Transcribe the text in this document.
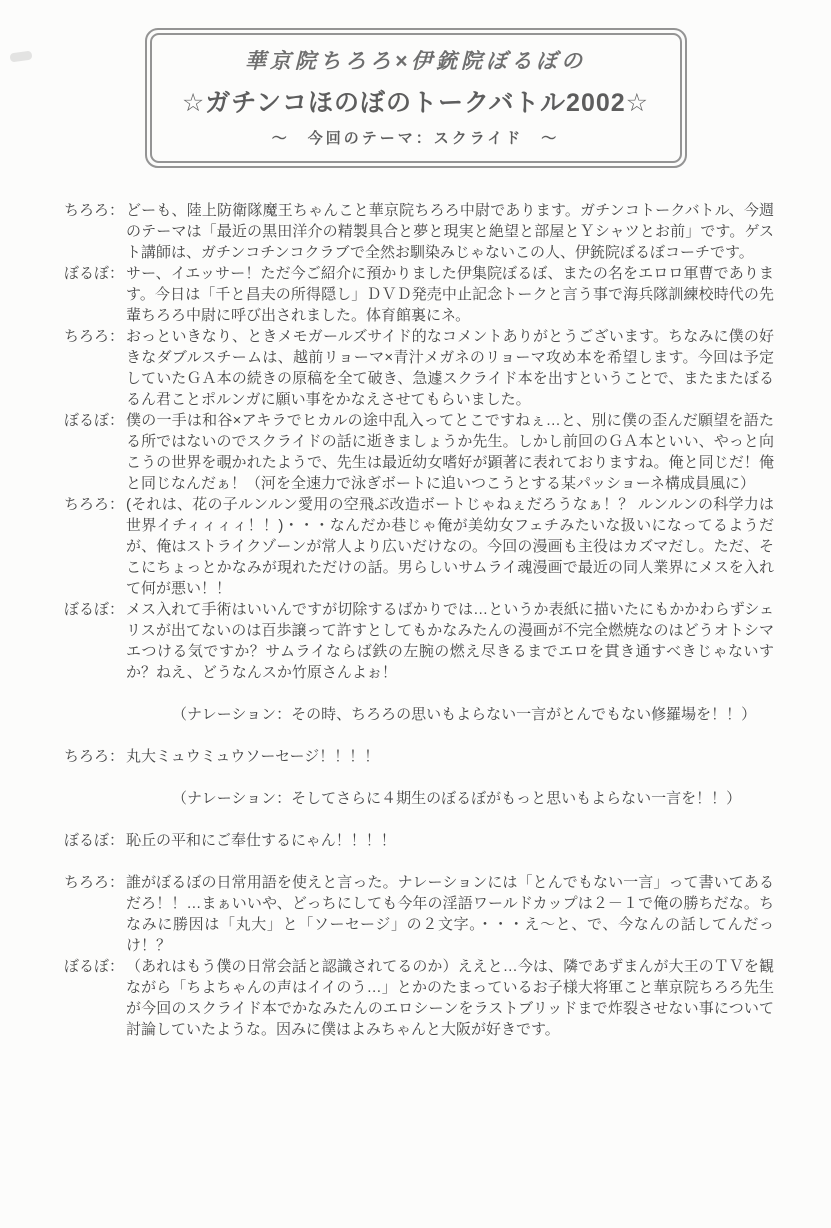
華京院ちろろ×伊銃院ぼるぼの
☆ガチンコほのぼのトークバトル2002☆
〜　今回のテーマ：スクライド　〜
ちろろ： どーも、陸上防衛隊魔王ちゃんこと華京院ちろろ中尉であります。ガチンコトークバトル、今週のテーマは「最近の黒田洋介の精製具合と夢と現実と絶望と部屋とＹシャツとお前」です。ゲスト講師は、ガチンコチンコクラブで全然お馴染みじゃないこの人、伊銃院ぼるぼコーチです。
ぼるぼ： サー、イエッサー！ただ今ご紹介に預かりました伊集院ぼるぼ、またの名をエロロ軍曹であります。今日は「千と昌夫の所得隠し」ＤＶＤ発売中止記念トークと言う事で海兵隊訓練校時代の先輩ちろろ中尉に呼び出されました。体育館裏にネ。
ちろろ： おっといきなり、ときメモガールズサイド的なコメントありがとうございます。ちなみに僕の好きなダブルスチームは、越前リョーマ×青汁メガネのリョーマ攻め本を希望します。今回は予定していたＧＡ本の続きの原稿を全て破き、急遽スクライド本を出すということで、またまたぼるるん君ことポルンガに願い事をかなえさせてもらいました。
ぼるぼ： 僕の一手は和谷×アキラでヒカルの途中乱入ってとこですねぇ…と、別に僕の歪んだ願望を語たる所ではないのでスクライドの話に逝きましょうか先生。しかし前回のＧＡ本といい、やっと向こうの世界を覗かれたようで、先生は最近幼女嗜好が顕著に表れておりますね。俺と同じだ！俺と同じなんだぁ！（河を全速力で泳ぎボートに追いつこうとする某パッショーネ構成員風に）
ちろろ： (それは、花の子ルンルン愛用の空飛ぶ改造ボートじゃねぇだろうなぁ！？ ルンルンの科学力は世界イチィィィィ！！)・・・なんだか巷じゃ俺が美幼女フェチみたいな扱いになってるようだが、俺はストライクゾーンが常人より広いだけなの。今回の漫画も主役はカズマだし。ただ、そこにちょっとかなみが現れただけの話。男らしいサムライ魂漫画で最近の同人業界にメスを入れて何が悪い！！
ぼるぼ： メス入れて手術はいいんですが切除するばかりでは…というか表紙に描いたにもかかわらずシェリスが出てないのは百歩譲って許すとしてもかなみたんの漫画が不完全燃焼なのはどうオトシマエつける気ですか？サムライならば鉄の左腕の燃え尽きるまでエロを貫き通すべきじゃないすか？ねえ、どうなんスか竹原さんよぉ！
（ナレーション：その時、ちろろの思いもよらない一言がとんでもない修羅場を！！）
ちろろ： 丸大ミュウミュウソーセージ！！！！
（ナレーション：そしてさらに４期生のぼるぼがもっと思いもよらない一言を！！）
ぼるぼ： 恥丘の平和にご奉仕するにゃん！！！！
ちろろ： 誰がぼるぼの日常用語を使えと言った。ナレーションには「とんでもない一言」って書いてあるだろ！！…まぁいいや、どっちにしても今年の淫語ワールドカップは２－１で俺の勝ちだな。ちなみに勝因は「丸大」と「ソーセージ」の２文字。・・・え〜と、で、今なんの話してんだっけ！？
ぼるぼ： （あれはもう僕の日常会話と認識されてるのか）ええと…今は、隣であずまんが大王のＴＶを観ながら「ちよちゃんの声はイイのう…」とかのたまっているお子様大将軍こと華京院ちろろ先生が今回のスクライド本でかなみたんのエロシーンをラストブリッドまで炸裂させない事について討論していたような。因みに僕はよみちゃんと大阪が好きです。
